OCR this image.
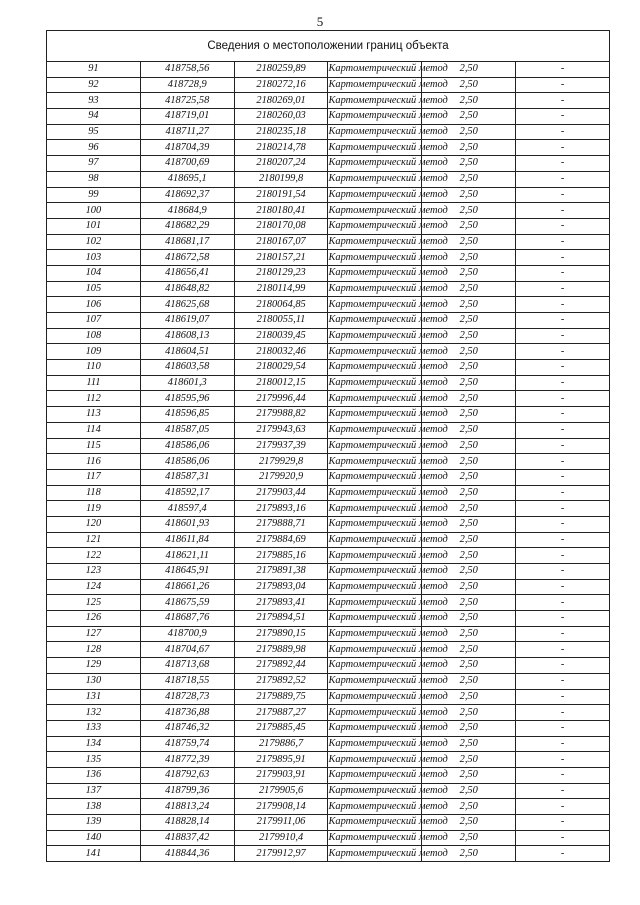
5
Сведения о местоположении границ объекта					
91	418758,56	2180259,89	Картометрический метод	2,50	-
92	418728,9	2180272,16	Картометрический метод	2,50	-
93	418725,58	2180269,01	Картометрический метод	2,50	-
94	418719,01	2180260,03	Картометрический метод	2,50	-
95	418711,27	2180235,18	Картометрический метод	2,50	-
96	418704,39	2180214,78	Картометрический метод	2,50	-
97	418700,69	2180207,24	Картометрический метод	2,50	-
98	418695,1	2180199,8	Картометрический метод	2,50	-
99	418692,37	2180191,54	Картометрический метод	2,50	-
100	418684,9	2180180,41	Картометрический метод	2,50	-
101	418682,29	2180170,08	Картометрический метод	2,50	-
102	418681,17	2180167,07	Картометрический метод	2,50	-
103	418672,58	2180157,21	Картометрический метод	2,50	-
104	418656,41	2180129,23	Картометрический метод	2,50	-
105	418648,82	2180114,99	Картометрический метод	2,50	-
106	418625,68	2180064,85	Картометрический метод	2,50	-
107	418619,07	2180055,11	Картометрический метод	2,50	-
108	418608,13	2180039,45	Картометрический метод	2,50	-
109	418604,51	2180032,46	Картометрический метод	2,50	-
110	418603,58	2180029,54	Картометрический метод	2,50	-
111	418601,3	2180012,15	Картометрический метод	2,50	-
112	418595,96	2179996,44	Картометрический метод	2,50	-
113	418596,85	2179988,82	Картометрический метод	2,50	-
114	418587,05	2179943,63	Картометрический метод	2,50	-
115	418586,06	2179937,39	Картометрический метод	2,50	-
116	418586,06	2179929,8	Картометрический метод	2,50	-
117	418587,31	2179920,9	Картометрический метод	2,50	-
118	418592,17	2179903,44	Картометрический метод	2,50	-
119	418597,4	2179893,16	Картометрический метод	2,50	-
120	418601,93	2179888,71	Картометрический метод	2,50	-
121	418611,84	2179884,69	Картометрический метод	2,50	-
122	418621,11	2179885,16	Картометрический метод	2,50	-
123	418645,91	2179891,38	Картометрический метод	2,50	-
124	418661,26	2179893,04	Картометрический метод	2,50	-
125	418675,59	2179893,41	Картометрический метод	2,50	-
126	418687,76	2179894,51	Картометрический метод	2,50	-
127	418700,9	2179890,15	Картометрический метод	2,50	-
128	418704,67	2179889,98	Картометрический метод	2,50	-
129	418713,68	2179892,44	Картометрический метод	2,50	-
130	418718,55	2179892,52	Картометрический метод	2,50	-
131	418728,73	2179889,75	Картометрический метод	2,50	-
132	418736,88	2179887,27	Картометрический метод	2,50	-
133	418746,32	2179885,45	Картометрический метод	2,50	-
134	418759,74	2179886,7	Картометрический метод	2,50	-
135	418772,39	2179895,91	Картометрический метод	2,50	-
136	418792,63	2179903,91	Картометрический метод	2,50	-
137	418799,36	2179905,6	Картометрический метод	2,50	-
138	418813,24	2179908,14	Картометрический метод	2,50	-
139	418828,14	2179911,06	Картометрический метод	2,50	-
140	418837,42	2179910,4	Картометрический метод	2,50	-
141	418844,36	2179912,97	Картометрический метод	2,50	-
